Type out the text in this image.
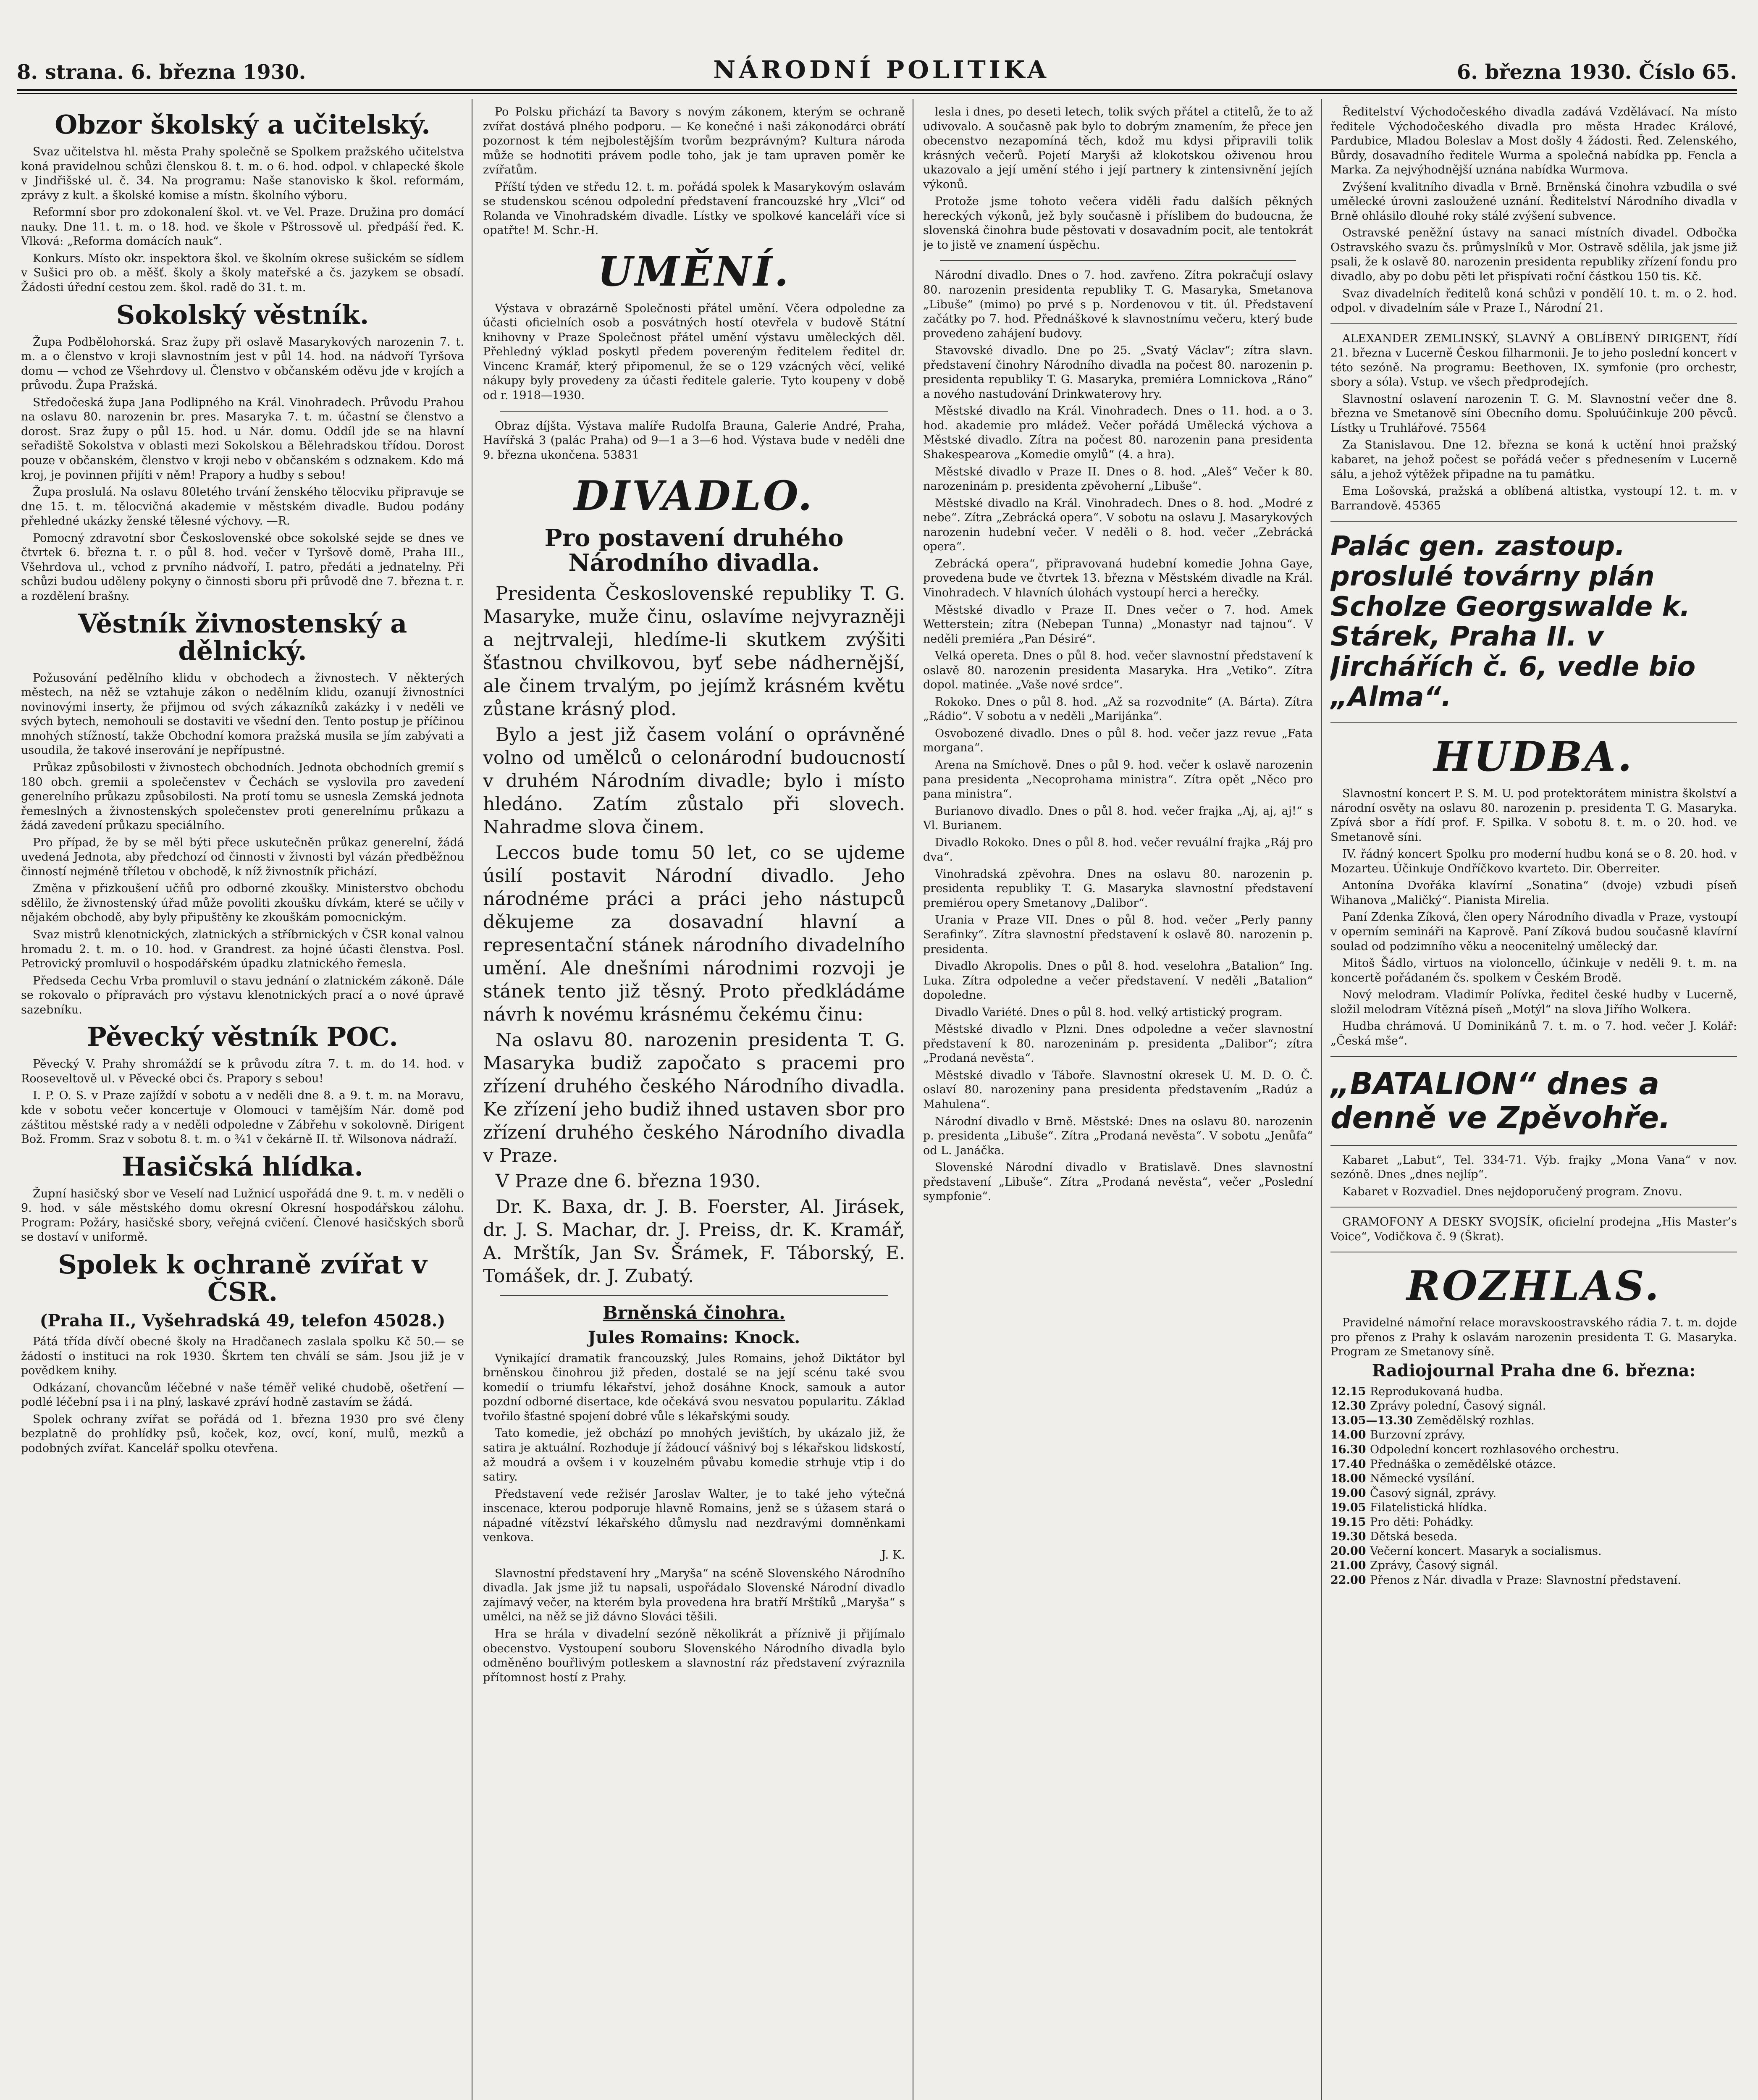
8. strana. 6. března 1930.	NÁRODNÍ POLITIKA	6. března 1930. Číslo 65.
Obzor školský a učitelský.

Svaz učitelstva hl. města Prahy společně se Spolkem pražského učitelstva koná pravidelnou schůzi členskou 8. t. m. o 6. hod. odpol. v chlapecké škole v Jindřišské ul. č. 34. Na programu: Naše stanovisko k škol. reformám, zprávy z kult. a školské komise a místn. školního výboru.

Reformní sbor pro zdokonalení škol. vt. ve Vel. Praze. Družina pro domácí nauky. Dne 11. t. m. o 18. hod. ve škole v Pštrossově ul. předpáší řed. K. Vlková: „Reforma domácích nauk“.

Konkurs. Místo okr. inspektora škol. ve školním okrese sušickém se sídlem v Sušici pro ob. a měšť. školy a školy mateřské a čs. jazykem se obsadí. Žádosti úřední cestou zem. škol. radě do 31. t. m.

Sokolský věstník.

Župa Podbělohorská. Sraz župy při oslavě Masarykových narozenin 7. t. m. a o členstvo v kroji slavnostním jest v půl 14. hod. na nádvoří Tyršova domu — vchod ze Všehrdovy ul. Členstvo v občanském oděvu jde v krojích a průvodu. Župa Pražská.

Středočeská župa Jana Podlipného na Král. Vinohradech. Průvodu Prahou na oslavu 80. narozenin br. pres. Masaryka 7. t. m. účastní se členstvo a dorost. Sraz župy o půl 15. hod. u Nár. domu. Oddíl jde se na hlavní seřadiště Sokolstva v oblasti mezi Sokolskou a Bělehradskou třídou. Dorost pouze v občanském, členstvo v kroji nebo v občanském s odznakem. Kdo má kroj, je povinnen přijíti v něm! Prapory a hudby s sebou!

Župa proslulá. Na oslavu 80letého trvání ženského tělocviku připravuje se dne 15. t. m. tělocvičná akademie v městském divadle. Budou podány přehledné ukázky ženské tělesné výchovy. —R.

Pomocný zdravotní sbor Československé obce sokolské sejde se dnes ve čtvrtek 6. března t. r. o půl 8. hod. večer v Tyršově domě, Praha III., Všehrdova ul., vchod z prvního nádvoří, I. patro, předáti a jednatelny. Při schůzi budou uděleny pokyny o činnosti sboru při průvodě dne 7. března t. r. a rozdělení brašny.

Věstník živnostenský a dělnický.

Požusování pedělního klidu v obchodech a živnostech. V některých městech, na něž se vztahuje zákon o nedělním klidu, ozanují živnostníci novinovými inserty, že přijmou od svých zákazníků zakázky i v neděli ve svých bytech, nemohouli se dostaviti ve všední den. Tento postup je příčinou mnohých stížností, takže Obchodní komora pražská musila se jím zabývati a usoudila, že takové inserování je nepřípustné.

Průkaz způsobilosti v živnostech obchodních. Jednota obchodních gremií s 180 obch. gremii a společenstev v Čechách se vyslovila pro zavedení generelního průkazu způsobilosti. Na protí tomu se usnesla Zemská jednota řemeslných a živnostenských společenstev proti generelnímu průkazu a žádá zavedení průkazu speciálního.

Pro případ, že by se měl býti přece uskutečněn průkaz generelní, žádá uvedená Jednota, aby předchozí od činnosti v živnosti byl vázán předběžnou činností nejméně tříletou v obchodě, k níž živnostník přichází.

Změna v přizkoušení učňů pro odborné zkoušky. Ministerstvo obchodu sdělilo, že živnostenský úřad může povoliti zkoušku dívkám, které se učily v nějakém obchodě, aby byly připuštěny ke zkouškám pomocnickým.

Svaz mistrů klenotnických, zlatnických a stříbrnických v ČSR konal valnou hromadu 2. t. m. o 10. hod. v Grandrest. za hojné účasti členstva. Posl. Petrovický promluvil o hospodářském úpadku zlatnického řemesla.

Předseda Cechu Vrba promluvil o stavu jednání o zlatnickém zákoně. Dále se rokovalo o přípravách pro výstavu klenotnických prací a o nové úpravě sazebníku.

Pěvecký věstník POC.

Pěvecký V. Prahy shromáždí se k průvodu zítra 7. t. m. do 14. hod. v Rooseveltově ul. v Pěvecké obci čs. Prapory s sebou!

I. P. O. S. v Praze zajíždí v sobotu a v neděli dne 8. a 9. t. m. na Moravu, kde v sobotu večer koncertuje v Olomouci v tamějším Nár. domě pod záštitou městské rady a v neděli odpoledne v Zábřehu v sokolovně. Dirigent Bož. Fromm. Sraz v sobotu 8. t. m. o ¾1 v čekárně II. tř. Wilsonova nádraží.

Hasičská hlídka.

Župní hasičský sbor ve Veselí nad Lužnicí uspořádá dne 9. t. m. v neděli o 9. hod. v sále městského domu okresní Okresní hospodářskou zálohu. Program: Požáry, hasičské sbory, veřejná cvičení. Členové hasičských sborů se dostaví v uniformě.

Spolek k ochraně zvířat v ČSR.
(Praha II., Vyšehradská 49, telefon 45028.)

Pátá třída dívčí obecné školy na Hradčanech zaslala spolku Kč 50.— se žádostí o instituci na rok 1930. Škrtem ten chválí se sám. Jsou již je v povědkem knihy.

Odkázaní, chovancům léčebné v naše téměř veliké chudobě, ošetření — podlé léčební psa i i na plný, laskavé zpráví hodně zastavím se žádá.

Spolek ochrany zvířat se pořádá od 1. března 1930 pro své členy bezplatně do prohlídky psů, koček, koz, ovcí, koní, mulů, mezků a podobných zvířat. Kancelář spolku otevřena.

Po Polsku přichází ta Bavory s novým zákonem, kterým se ochraně zvířat dostává plného podporu. — Ke konečné i naši zákonodárci obrátí pozornost k tém nejbolestějším tvorům bezprávným? Kultura národa může se hodnotiti právem podle toho, jak je tam upraven poměr ke zvířatům.

Příští týden ve středu 12. t. m. pořádá spolek k Masarykovým oslavám se studenskou scénou odpolední představení francouzské hry „Vlci“ od Rolanda ve Vinohradském divadle. Lístky ve spolkové kanceláři více si opatřte! M. Schr.-H.

UMĚNÍ.

Výstava v obrazárně Společnosti přátel umění. Včera odpoledne za účasti oficielních osob a posvátných hostí otevřela v budově Státní knihovny v Praze Společnost přátel umění výstavu uměleckých děl. Přehledný výklad poskytl předem povereným ředitelem ředitel dr. Vincenc Kramář, který připomenul, že se o 129 vzácných věcí, veliké nákupy byly provedeny za účasti ředitele galerie. Tyto koupeny v době od r. 1918—1930.

Obraz díjšta. Výstava malíře Rudolfa Brauna, Galerie André, Praha, Havířská 3 (palác Praha) od 9—1 a 3—6 hod. Výstava bude v neděli dne 9. března ukončena. 53831

DIVADLO.
Pro postavení druhého Národního divadla.

Presidenta Československé republiky T. G. Masaryke, muže činu, oslavíme nejvyrazněji a nejtrvaleji, hledíme-li skutkem zvýšiti šťastnou chvilkovou, byť sebe nádhernější, ale činem trvalým, po jejímž krásném květu zůstane krásný plod.

Bylo a jest již časem volání o oprávněné volno od umělců o celonárodní budoucností v druhém Národním divadle; bylo i místo hledáno. Zatím zůstalo při slovech. Nahradme slova činem.

Leccos bude tomu 50 let, co se ujdeme úsilí postavit Národní divadlo. Jeho národnéme práci a práci jeho nástupců děkujeme za dosavadní hlavní a representační stánek národního divadelního umění. Ale dnešními národnimi rozvoji je stánek tento již těsný. Proto předkládáme návrh k novému krásnému čekému činu:

Na oslavu 80. narozenin presidenta T. G. Masaryka budiž započato s pracemi pro zřízení druhého českého Národního divadla. Ke zřízení jeho budiž ihned ustaven sbor pro zřízení druhého českého Národního divadla v Praze.

V Praze dne 6. března 1930.

Dr. K. Baxa, dr. J. B. Foerster, Al. Jirásek, dr. J. S. Machar, dr. J. Preiss, dr. K. Kramář, A. Mrštík, Jan Sv. Šrámek, F. Táborský, E. Tomášek, dr. J. Zubatý.

Brněnská činohra.
Jules Romains: Knock.

Vynikající dramatik francouzský, Jules Romains, jehož Diktátor byl brněnskou činohrou již předen, dostalé se na její scénu také svou komedií o triumfu lékařství, jehož dosáhne Knock, samouk a autor pozdní odborné disertace, kde očekává svou nesvatou popularitu. Základ tvořilo šťastné spojení dobré vůle s lékařskými soudy.

Tato komedie, jež obchází po mnohých jevištích, by ukázalo již, že satira je aktuální. Rozhoduje jí žádoucí vášnivý boj s lékařskou lidskostí, až moudrá a ovšem i v kouzelném půvabu komedie strhuje vtip i do satiry.

Představení vede režisér Jaroslav Walter, je to také jeho výtečná inscenace, kterou podporuje hlavně Romains, jenž se s úžasem stará o nápadné vítězství lékařského důmyslu nad nezdravými domněnkami venkova.

J. K.

Slavnostní představení hry „Maryša“ na scéně Slovenského Národního divadla. Jak jsme již tu napsali, uspořádalo Slovenské Národní divadlo zajímavý večer, na kterém byla provedena hra bratří Mrštíků „Maryša“ s umělci, na něž se již dávno Slováci těšili.

Hra se hrála v divadelní sezóně několikrát a příznivě ji přijímalo obecenstvo. Vystoupení souboru Slovenského Národního divadla bylo odměněno bouřlivým potleskem a slavnostní ráz představení zvýraznila přítomnost hostí z Prahy.

lesla i dnes, po deseti letech, tolik svých přátel a ctitelů, že to až udivovalo. A současně pak bylo to dobrým znamením, že přece jen obecenstvo nezapomíná těch, kdož mu kdysi připravili tolik krásných večerů. Pojetí Maryši až klokotskou oživenou hrou ukazovalo a její umění stého i její partnery k zintensivnění jejích výkonů.

Protože jsme tohoto večera viděli řadu dalších pěkných hereckých výkonů, jež byly současně i příslibem do budoucna, že slovenská činohra bude pěstovati v dosavadním pocit, ale tentokrát je to jistě ve znamení úspěchu.

Národní divadlo. Dnes o 7. hod. zavřeno. Zítra pokračují oslavy 80. narozenin presidenta republiky T. G. Masaryka, Smetanova „Libuše“ (mimo) po prvé s p. Nordenovou v tit. úl. Představení začátky po 7. hod. Přednáškové k slavnostnímu večeru, který bude provedeno zahájení budovy.

Stavovské divadlo. Dne po 25. „Svatý Václav“; zítra slavn. představení činohry Národního divadla na počest 80. narozenin p. presidenta republiky T. G. Masaryka, premiéra Lomnickova „Ráno“ a nového nastudování Drinkwaterovy hry.

Městské divadlo na Král. Vinohradech. Dnes o 11. hod. a o 3. hod. akademie pro mládež. Večer pořádá Umělecká výchova a Městské divadlo. Zítra na počest 80. narozenin pana presidenta Shakespearova „Komedie omylů“ (4. a hra).

Městské divadlo v Praze II. Dnes o 8. hod. „Aleš“ Večer k 80. narozeninám p. presidenta zpěvoherní „Libuše“.

Městské divadlo na Král. Vinohradech. Dnes o 8. hod. „Modré z nebe“. Zítra „Zebrácká opera“. V sobotu na oslavu J. Masarykových narozenin hudební večer. V neděli o 8. hod. večer „Zebrácká opera“.

Zebrácká opera“, připravovaná hudební komedie Johna Gaye, provedena bude ve čtvrtek 13. března v Městském divadle na Král. Vinohradech. V hlavních úlohách vystoupí herci a herečky.

Městské divadlo v Praze II. Dnes večer o 7. hod. Amek Wetterstein; zítra (Nebepan Tunna) „Monastyr nad tajnou“. V neděli premiéra „Pan Désiré“.

Velká operetа. Dnes o půl 8. hod. večer slavnostní představení k oslavě 80. narozenin presidenta Masaryka. Hra „Vetiko“. Zítra dopol. matinée. „Vaše nové srdce“.

Rokoko. Dnes o půl 8. hod. „Až sa rozvodnite“ (A. Bárta). Zítra „Rádio“. V sobotu a v neděli „Marijánka“.

Osvobozené divadlo. Dnes o půl 8. hod. večer jazz revue „Fata morgana“.

Arena na Smíchově. Dnes o půl 9. hod. večer k oslavě narozenin pana presidenta „Necoprohama ministra“. Zítra opět „Něco pro pana ministra“.

Burianovo divadlo. Dnes o půl 8. hod. večer frajka „Aj, aj, aj!“ s Vl. Burianem.

Divadlo Rokoko. Dnes o půl 8. hod. večer revuální frajka „Ráj pro dva“.

Vinohradská zpěvohra. Dnes na oslavu 80. narozenin p. presidenta republiky T. G. Masaryka slavnostní představení premiérou opery Smetanovy „Dalibor“.

Urania v Praze VII. Dnes o půl 8. hod. večer „Perly panny Serafinky“. Zítra slavnostní představení k oslavě 80. narozenin p. presidenta.

Divadlo Akropolis. Dnes o půl 8. hod. veselohra „Batalion“ Ing. Luka. Zítra odpoledne a večer představení. V neděli „Batalion“ dopoledne.

Divadlo Variété. Dnes o půl 8. hod. velký artistický program.

Městské divadlo v Plzni. Dnes odpoledne a večer slavnostní představení k 80. narozeninám p. presidenta „Dalibor“; zítra „Prodaná nevěsta“.

Městské divadlo v Táboře. Slavnostní okresek U. M. D. O. Č. oslaví 80. narozeniny pana presidenta představením „Radúz a Mahulena“.

Národní divadlo v Brně. Městské: Dnes na oslavu 80. narozenin p. presidenta „Libuše“. Zítra „Prodaná nevěsta“. V sobotu „Jenůfa“ od L. Janáčka.

Slovenské Národní divadlo v Bratislavě. Dnes slavnostní představení „Libuše“. Zítra „Prodaná nevěsta“, večer „Poslední sympfonie“.

Ředitelství Východočeského divadla zadává Vzdělávací. Na místo ředitele Východočeského divadla pro města Hradec Králové, Pardubice, Mladou Boleslav a Most došly 4 žádosti. Řed. Zelenského, Bůrdy, dosavadního ředitele Wurma a společná nabídka pp. Fencla a Marka. Za nejvýhodnější uznána nabídka Wurmova.

Zvýšení kvalitního divadla v Brně. Brněnská činohra vzbudila o své umělecké úrovni zasloužené uznání. Ředitelství Národního divadla v Brně ohlásilo dlouhé roky stálé zvýšení subvence.

Ostravské peněžní ústavy na sanaci místních divadel. Odbočka Ostravského svazu čs. průmyslníků v Mor. Ostravě sdělila, jak jsme již psali, že k oslavě 80. narozenin presidenta republiky zřízení fondu pro divadlo, aby po dobu pěti let přispívati roční částkou 150 tis. Kč.

Svaz divadelních ředitelů koná schůzi v pondělí 10. t. m. o 2. hod. odpol. v divadelním sále v Praze I., Národní 21.

ALEXANDER ZEMLINSKÝ, SLAVNÝ A OBLÍBENÝ DIRIGENT, řídí 21. března v Lucerně Českou filharmonii. Je to jeho poslední koncert v této sezóně. Na programu: Beethoven, IX. symfonie (pro orchestr, sbory a sóla). Vstup. ve všech předprodejích.

Slavnostní oslavení narozenin T. G. M. Slavnostní večer dne 8. března ve Smetanově síni Obecního domu. Spoluúčinkuje 200 pěvců. Lístky u Truhlářové. 75564

Za Stanislavou. Dne 12. března se koná k uctění hnoi pražský kabaret, na jehož počest se pořádá večer s přednesením v Lucerně sálu, a jehož výtěžek připadne na tu památku.

Ema Lošovská, pražská a oblíbená altistka, vystoupí 12. t. m. v Barrandově. 45365

Palác gen. zastoup. proslulé továrny plán Scholze Georgswalde k. Stárek, Praha II. v Jirchářích č. 6, vedle bio „Alma“.
HUDBA.

Slavnostní koncert P. S. M. U. pod protektorátem ministra školství a národní osvěty na oslavu 80. narozenin p. presidenta T. G. Masaryka. Zpívá sbor a řídí prof. F. Spilka. V sobotu 8. t. m. o 20. hod. ve Smetanově síni.

IV. řádný koncert Spolku pro moderní hudbu koná se o 8. 20. hod. v Mozarteu. Účinkuje Ondříčkovo kvarteto. Dir. Oberreiter.

Antonína Dvořáka klavírní „Sonatina“ (dvoje) vzbudi píseň Wihanova „Maličký“. Pianista Mirelia.

Paní Zdenka Zíková, člen opery Národního divadla v Praze, vystoupí v operním semináři na Kaprově. Paní Zíková budou současně klavírní soulad od podzimního věku a neocenitelný umělecký dar.

Mitoš Šádlo, virtuos na violoncello, účinkuje v neděli 9. t. m. na koncertě pořádaném čs. spolkem v Českém Brodě.

Nový melodram. Vladimír Polívka, ředitel české hudby v Lucerně, složil melodram Vítězná píseň „Motýl“ na slova Jiřího Wolkera.

Hudba chrámová. U Dominikánů 7. t. m. o 7. hod. večer J. Kolář: „Česká mše“.

„BATALION“ dnes a denně ve Zpěvohře.

Kabaret „Labut“, Tel. 334-71. Výb. frajky „Mona Vana“ v nov. sezóně. Dnes „dnes nejlíp“.

Kabaret v Rozvadiel. Dnes nejdoporučený program. Znovu.

GRAMOFONY A DESKY SVOJSÍK, oficielní prodejna „His Master’s Voice“, Vodičkova č. 9 (Škrat).

ROZHLAS.

Pravidelné námořní relace moravskoostravského rádia 7. t. m. dojde pro přenos z Prahy k oslavám narozenin presidenta T. G. Masaryka. Program ze Smetanovy síně.

Radiojournal Praha dne 6. března:
12.15 Reprodukovaná hudba.
12.30 Zprávy polední, Časový signál.
13.05—13.30 Zemědělský rozhlas.
14.00 Burzovní zprávy.
16.30 Odpolední koncert rozhlasového orchestru.
17.40 Přednáška o zemědělské otázce.
18.00 Německé vysílání.
19.00 Časový signál, zprávy.
19.05 Filatelistická hlídka.
19.15 Pro děti: Pohádky.
19.30 Dětská beseda.
20.00 Večerní koncert. Masaryk a socialismus.
21.00 Zprávy, Časový signál.
22.00 Přenos z Nár. divadla v Praze: Slavnostní představení.
